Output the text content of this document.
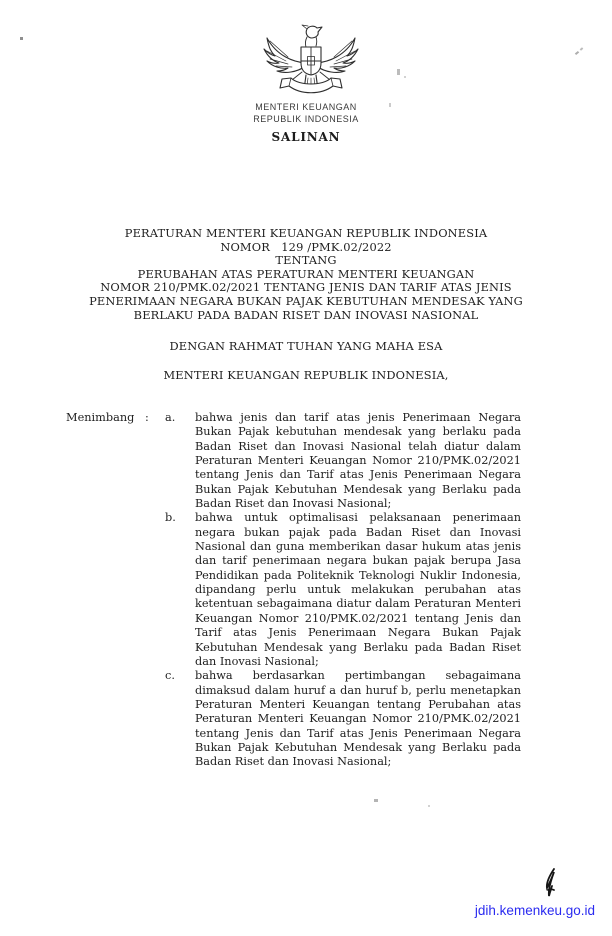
MENTERI KEUANGAN
REPUBLIK INDONESIA
SALINAN
PERATURAN MENTERI KEUANGAN REPUBLIK INDONESIA
NOMOR   129 /PMK.02/2022
TENTANG
PERUBAHAN ATAS PERATURAN MENTERI KEUANGAN
NOMOR 210/PMK.02/2021 TENTANG JENIS DAN TARIF ATAS JENIS
PENERIMAAN NEGARA BUKAN PAJAK KEBUTUHAN MENDESAK YANG
BERLAKU PADA BADAN RISET DAN INOVASI NASIONAL
DENGAN RAHMAT TUHAN YANG MAHA ESA
MENTERI KEUANGAN REPUBLIK INDONESIA,
Menimbang :	a.	bahwa jenis dan tarif atas jenis Penerimaan Negara Bukan Pajak kebutuhan mendesak yang berlaku pada Badan Riset dan Inovasi Nasional telah diatur dalam Peraturan Menteri Keuangan Nomor 210/PMK.02/2021 tentang Jenis dan Tarif atas Jenis Penerimaan Negara Bukan Pajak Kebutuhan Mendesak yang Berlaku pada Badan Riset dan Inovasi Nasional;

b.	bahwa untuk optimalisasi pelaksanaan penerimaan negara bukan pajak pada Badan Riset dan Inovasi Nasional dan guna memberikan dasar hukum atas jenis dan tarif penerimaan negara bukan pajak berupa Jasa Pendidikan pada Politeknik Teknologi Nuklir Indonesia, dipandang perlu untuk melakukan perubahan atas ketentuan sebagaimana diatur dalam Peraturan Menteri Keuangan Nomor 210/PMK.02/2021 tentang Jenis dan Tarif atas Jenis Penerimaan Negara Bukan Pajak Kebutuhan Mendesak yang Berlaku pada Badan Riset dan Inovasi Nasional;

c.	bahwa berdasarkan pertimbangan sebagaimana dimaksud dalam huruf a dan huruf b, perlu menetapkan Peraturan Menteri Keuangan tentang Perubahan atas Peraturan Menteri Keuangan Nomor 210/PMK.02/2021 tentang Jenis dan Tarif atas Jenis Penerimaan Negara Bukan Pajak Kebutuhan Mendesak yang Berlaku pada Badan Riset dan Inovasi Nasional;

jdih.kemenkeu.go.id
